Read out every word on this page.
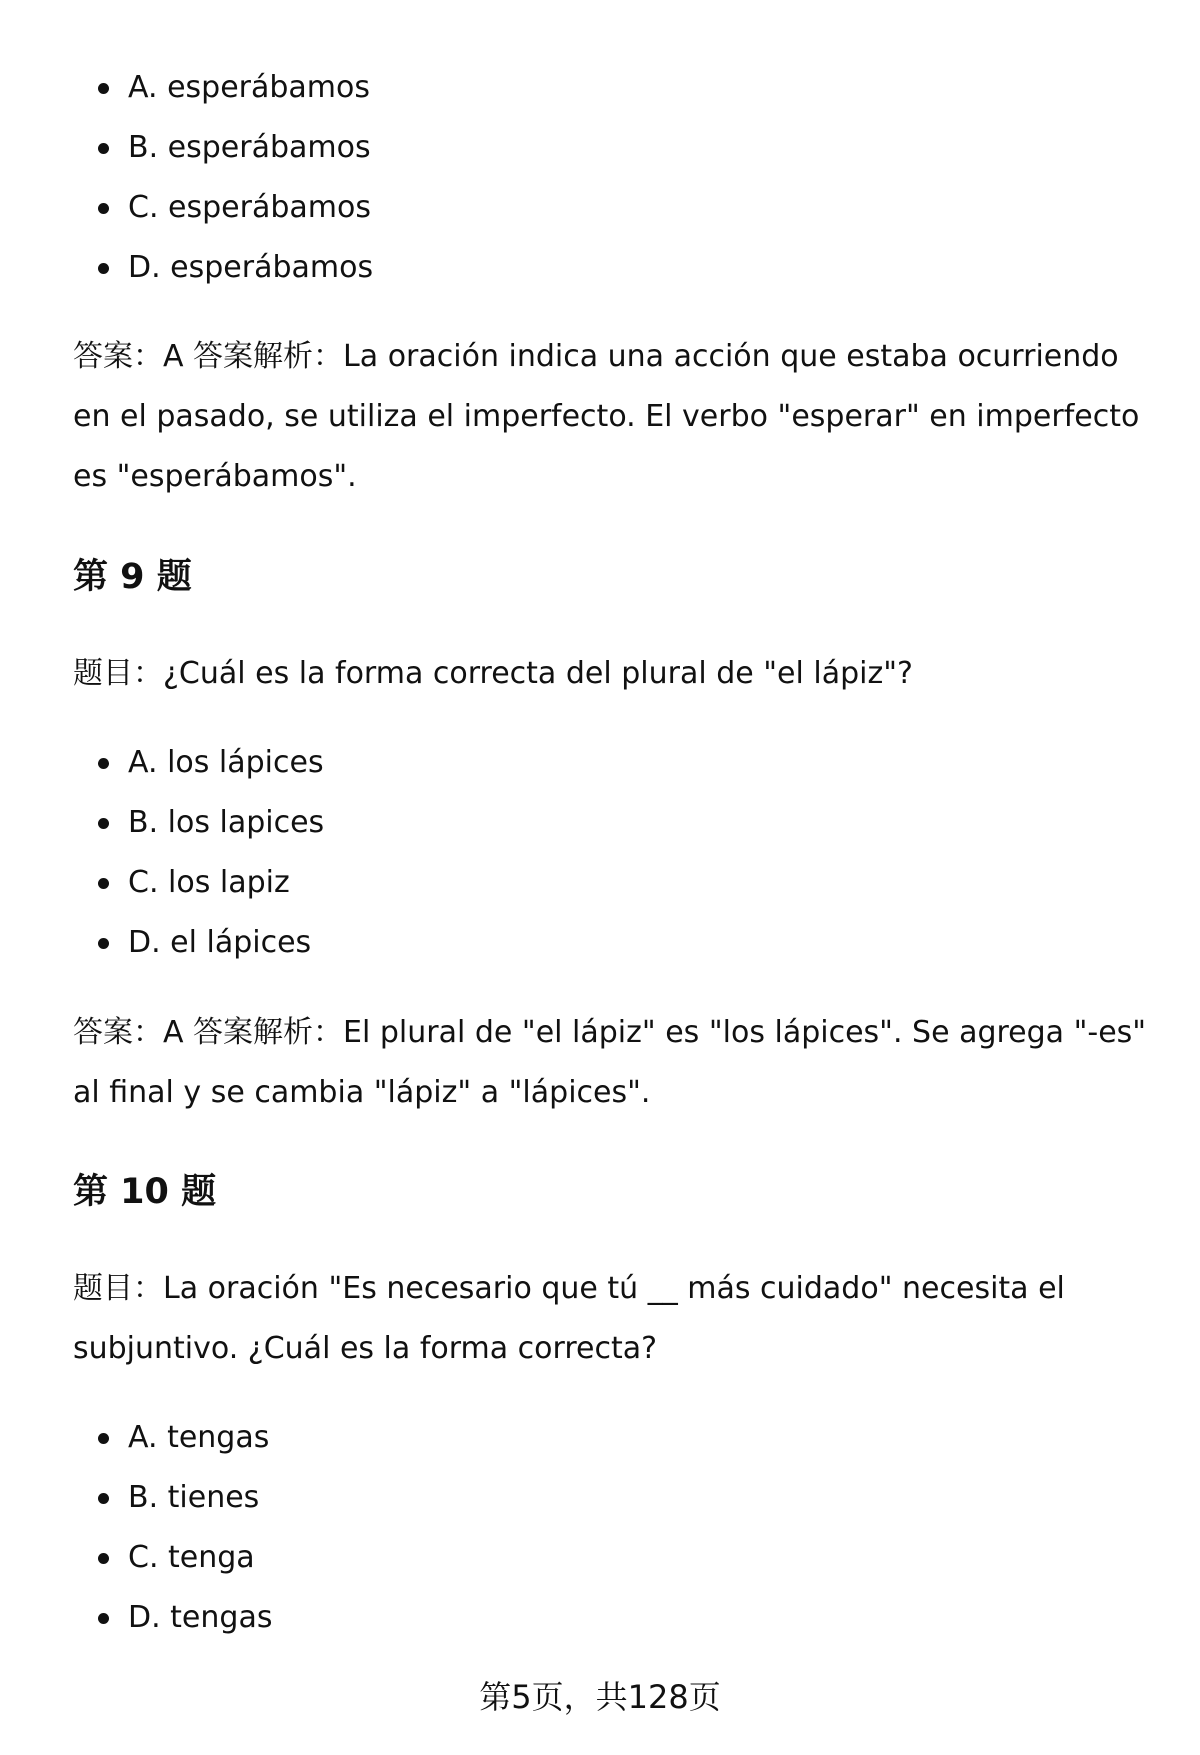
A. esperábamos
B. esperábamos
C. esperábamos
D. esperábamos

答案：A 答案解析：La oración indica una acción que estaba ocurriendo en el pasado, se utiliza el imperfecto. El verbo "esperar" en imperfecto es "esperábamos".

第 9 题

题目：¿Cuál es la forma correcta del plural de "el lápiz"?

A. los lápices
B. los lapices
C. los lapiz
D. el lápices

答案：A 答案解析：El plural de "el lápiz" es "los lápices". Se agrega "-es" al final y se cambia "lápiz" a "lápices".

第 10 题

题目：La oración "Es necesario que tú __ más cuidado" necesita el subjuntivo. ¿Cuál es la forma correcta?

A. tengas
B. tienes
C. tenga
D. tengas
第5页，共128页
